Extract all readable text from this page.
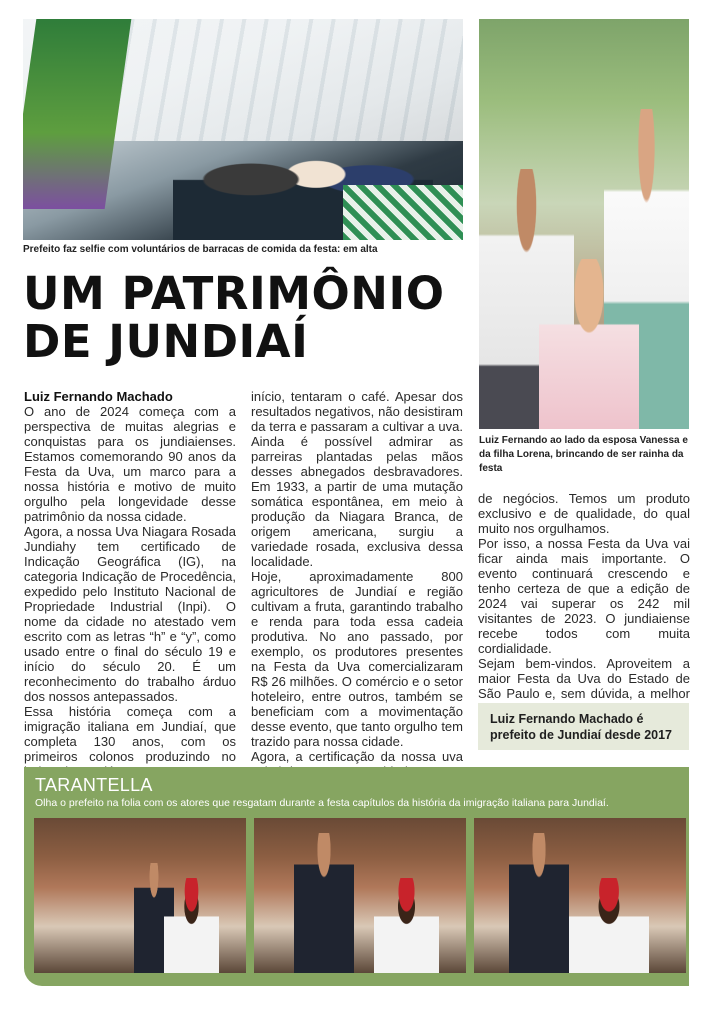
Prefeito faz selfie com voluntários de barracas de comida da festa: em alta
Luiz Fernando ao lado da esposa Vanessa e da filha Lorena, brincando de ser rainha da festa
UM PATRIMÔNIO
DE JUNDIAÍ

Luiz Fernando Machado

O ano de 2024 começa com a perspectiva de muitas alegrias e conquistas para os jundiaienses. Estamos comemorando 90 anos da Festa da Uva, um marco para a nossa história e motivo de muito orgulho pela longevidade desse patrimônio da nossa cidade.

Agora, a nossa Uva Niagara Rosada Jundiahy tem certificado de Indicação Geográfica (IG), na categoria Indicação de Procedência, expedido pelo Instituto Nacional de Propriedade Industrial (Inpi). O nome da cidade no atestado vem escrito com as letras “h” e “y”, como usado entre o final do século 19 e início do século 20. É um reconhecimento do trabalho árduo dos nossos antepassados.

Essa história começa com a imigração italiana em Jundiaí, que completa 130 anos, com os primeiros colonos produzindo no

início, tentaram o café. Apesar dos resultados negativos, não desistiram da terra e passaram a cultivar a uva. Ainda é possível admirar as parreiras plantadas pelas mãos desses abnegados desbravadores. Em 1933, a partir de uma mutação somática espontânea, em meio à produção da Niagara Branca, de origem americana, surgiu a variedade rosada, exclusiva dessa localidade.

Hoje, aproximadamente 800 agricultores de Jundiaí e região cultivam a fruta, garantindo trabalho e renda para toda essa cadeia produtiva. No ano passado, por exemplo, os produtores presentes na Festa da Uva comercializaram R$ 26 milhões. O comércio e o setor hoteleiro, entre outros, também se beneficiam com a movimentação desse evento, que tanto orgulho tem trazido para nossa cidade.

Agora, a certificação da nossa uva

de negócios. Temos um produto exclusivo e de qualidade, do qual muito nos orgulhamos.

Por isso, a nossa Festa da Uva vai ficar ainda mais importante. O evento continuará crescendo e tenho certeza de que a edição de 2024 vai superar os 242 mil visitantes de 2023. O jundiaiense recebe todos com muita cordialidade.

Sejam bem-vindos. Aproveitem a maior Festa da Uva do Estado de São Paulo e, sem dúvida, a melhor

Luiz Fernando Machado é prefeito de Jundiaí desde 2017
TARANTELLA
Olha o prefeito na folia com os atores que resgatam durante a festa capítulos da história da imigração italiana para Jundiaí.
